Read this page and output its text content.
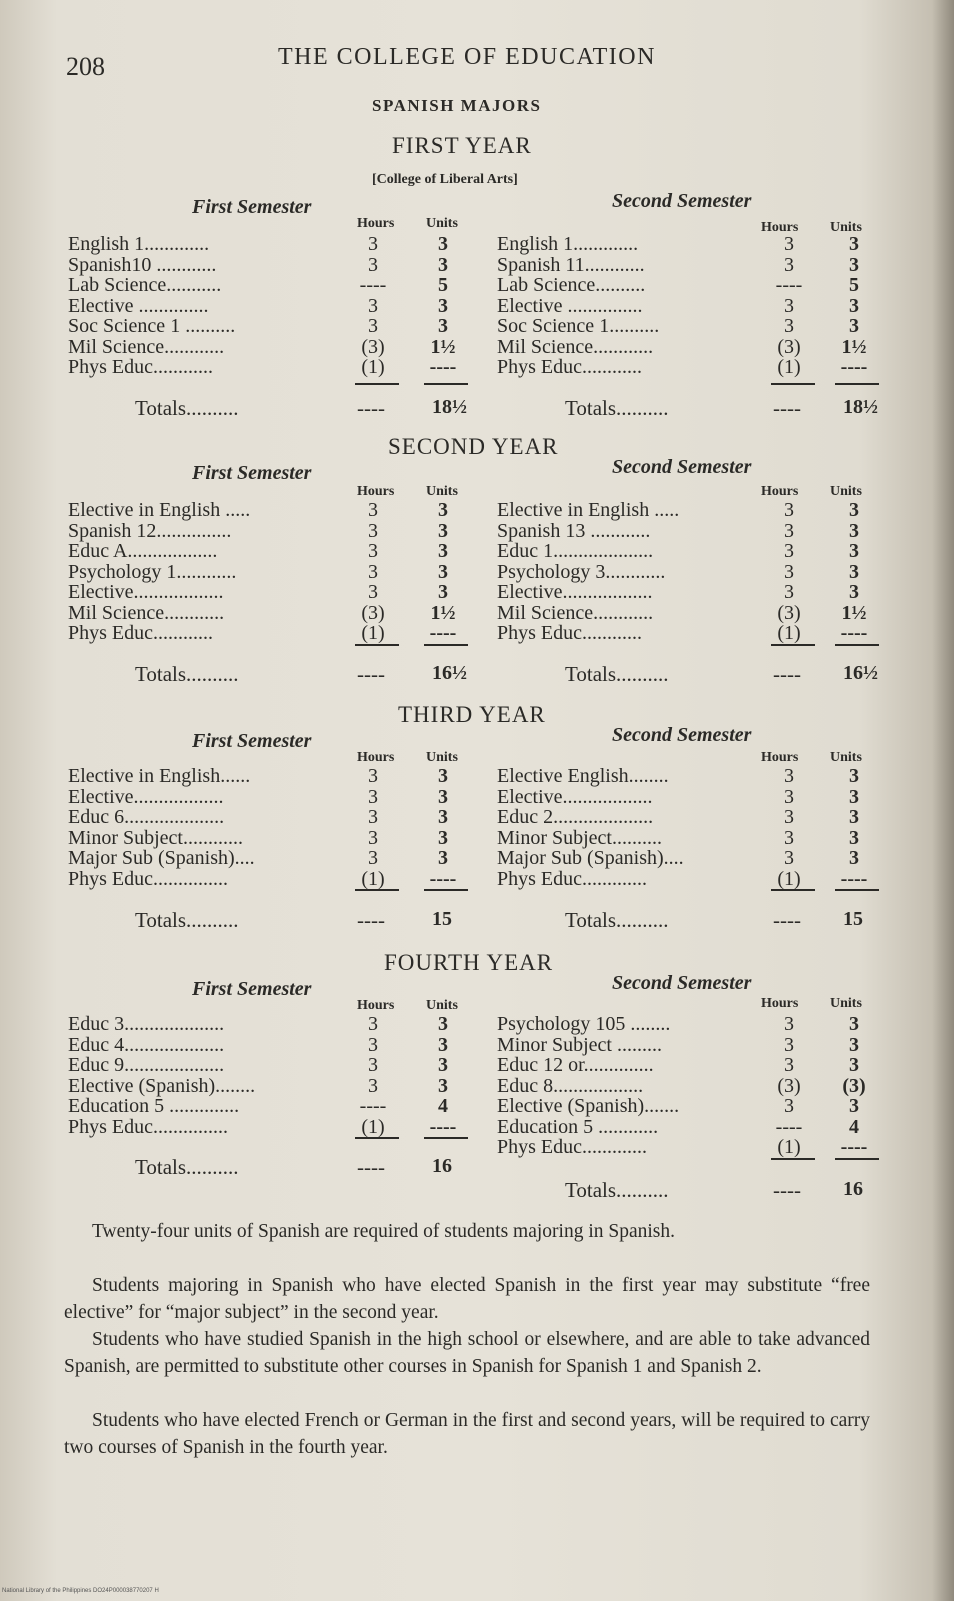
208	THE COLLEGE OF EDUCATION
SPANISH MAJORS
FIRST YEAR
[College of Liberal Arts]
First Semester
Hours Units
English 1.............	3	3
Spanish10 ............	3	3
Lab Science...........	----	5
Elective ..............	3	3
Soc Science 1 ..........	3	3
Mil Science............	(3)	1½
Phys Educ............	(1)	----
Totals..........	---- 18½
Second Semester
Hours Units
English 1.............	3	3
Spanish 11............	3	3
Lab Science..........	----	5
Elective ...............	3	3
Soc Science 1..........	3	3
Mil Science............	(3)	1½
Phys Educ............	(1)	----
Totals..........	---- 18½
SECOND YEAR
First Semester
Hours Units
Elective in English .....	3	3
Spanish 12...............	3	3
Educ A..................	3	3
Psychology 1............	3	3
Elective..................	3	3
Mil Science............	(3)	1½
Phys Educ............	(1)	----
Totals..........	---- 16½
Second Semester
Hours Units
Elective in English .....	3	3
Spanish 13 ............	3	3
Educ 1....................	3	3
Psychology 3............	3	3
Elective..................	3	3
Mil Science............	(3)	1½
Phys Educ............	(1)	----
Totals..........	---- 16½
THIRD YEAR
First Semester
Hours Units
Elective in English......	3	3
Elective..................	3	3
Educ 6....................	3	3
Minor Subject............	3	3
Major Sub (Spanish)....	3	3
Phys Educ...............	(1)	----
Totals..........	---- 15
Second Semester
Hours Units
Elective English........	3	3
Elective..................	3	3
Educ 2....................	3	3
Minor Subject..........	3	3
Major Sub (Spanish)....	3	3
Phys Educ.............	(1)	----
Totals..........	---- 15
FOURTH YEAR
First Semester
Hours Units
Educ 3....................	3	3
Educ 4....................	3	3
Educ 9....................	3	3
Elective (Spanish)........	3	3
Education 5 ..............	----	4
Phys Educ...............	(1)	----
Totals..........	---- 16
Second Semester
Hours Units
Psychology 105 ........	3	3
Minor Subject .........	3	3
Educ 12 or..............	3	3
Educ 8..................	(3)	(3)
Elective (Spanish).......	3	3
Education 5 ............	----	4
Phys Educ.............	(1)	----
Totals..........	---- 16

Twenty-four units of Spanish are required of students majoring in Spanish.

Students majoring in Spanish who have elected Spanish in the first year may substitute “free elective” for “major subject” in the second year.

Students who have studied Spanish in the high school or elsewhere, and are able to take advanced Spanish, are permitted to substitute other courses in Spanish for Spanish 1 and Spanish 2.

Students who have elected French or German in the first and second years, will be required to carry two courses of Spanish in the fourth year.

National Library of the Philippines DO24P000038770207 H
